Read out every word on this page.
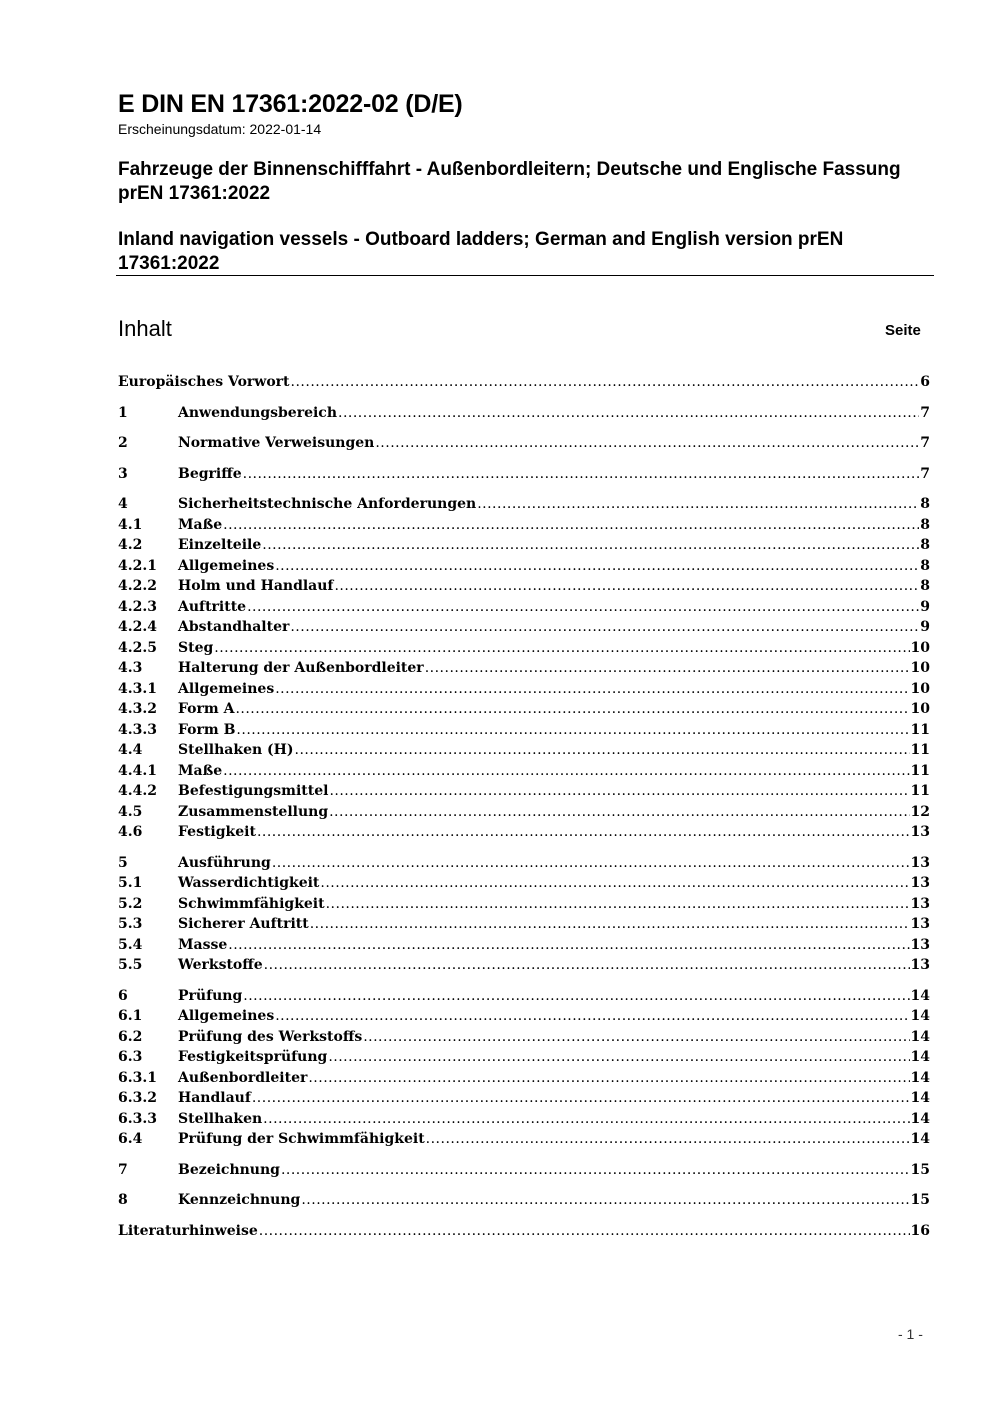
E DIN EN 17361:2022-02 (D/E)
Erscheinungsdatum: 2022-01-14
Fahrzeuge der Binnenschifffahrt - Außenbordleitern; Deutsche und Englische Fassung prEN 17361:2022
Inland navigation vessels - Outboard ladders; German and English version prEN 17361:2022
Inhalt	Seite
Europäisches Vorwort .....	6
1	Anwendungsbereich .....	7
2	Normative Verweisungen .....	7
3	Begriffe .....	7
4	Sicherheitstechnische Anforderungen .....	8
4.1	Maße .....	8
4.2	Einzelteile .....	8
4.2.1	Allgemeines .....	8
4.2.2	Holm und Handlauf .....	8
4.2.3	Auftritte .....	9
4.2.4	Abstandhalter .....	9
4.2.5	Steg .....	10
4.3	Halterung der Außenbordleiter .....	10
4.3.1	Allgemeines .....	10
4.3.2	Form A .....	10
4.3.3	Form B .....	11
4.4	Stellhaken (H) .....	11
4.4.1	Maße .....	11
4.4.2	Befestigungsmittel .....	11
4.5	Zusammenstellung .....	12
4.6	Festigkeit .....	13
5	Ausführung .....	13
5.1	Wasserdichtigkeit .....	13
5.2	Schwimmfähigkeit .....	13
5.3	Sicherer Auftritt .....	13
5.4	Masse .....	13
5.5	Werkstoffe .....	13
6	Prüfung .....	14
6.1	Allgemeines .....	14
6.2	Prüfung des Werkstoffs .....	14
6.3	Festigkeitsprüfung .....	14
6.3.1	Außenbordleiter .....	14
6.3.2	Handlauf .....	14
6.3.3	Stellhaken .....	14
6.4	Prüfung der Schwimmfähigkeit .....	14
7	Bezeichnung .....	15
8	Kennzeichnung .....	15
Literaturhinweise .....	16
- 1 -
